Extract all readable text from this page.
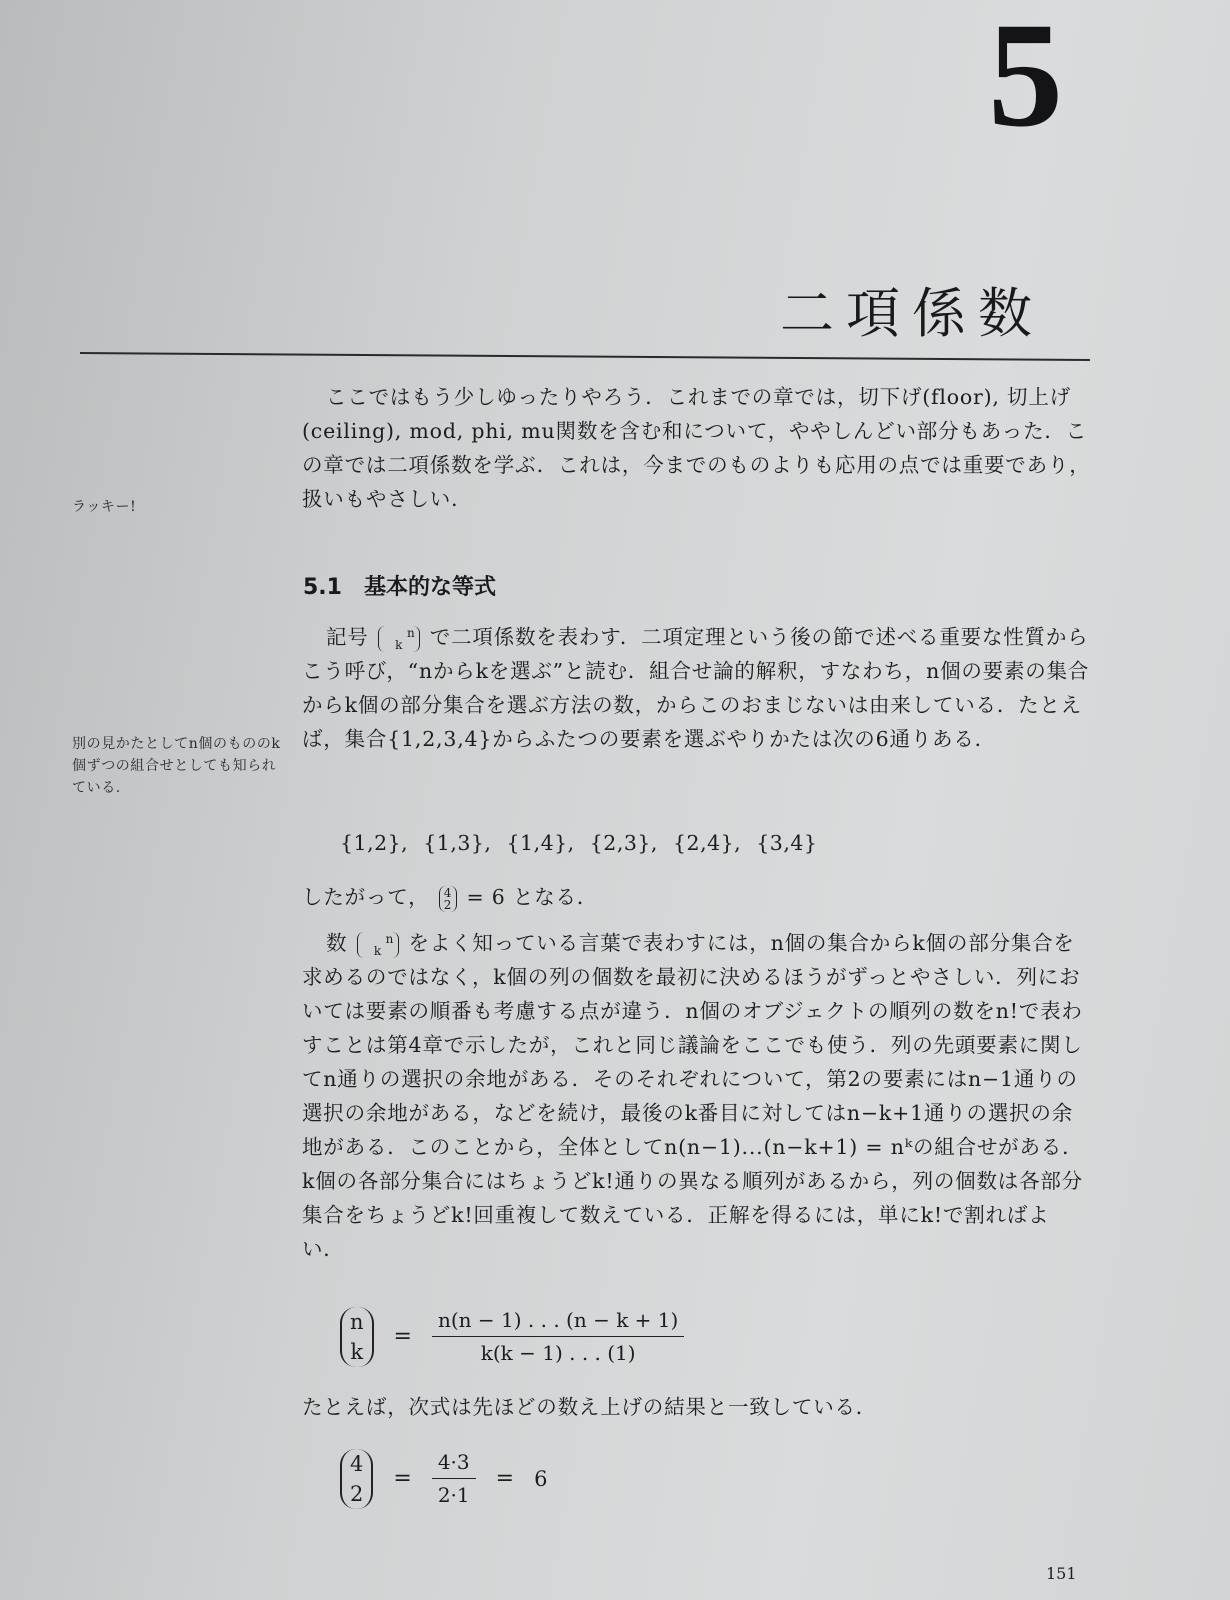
5
二項係数
ここではもう少しゆったりやろう．これまでの章では，切下げ(floor), 切上げ(ceiling), mod, phi, mu関数を含む和について，ややしんどい部分もあった．この章では二項係数を学ぶ．これは，今までのものよりも応用の点では重要であり，扱いもやさしい．
ラッキー!
別の見かたとしてn個のもののk個ずつの組合せとしても知られている.
5.1 基本的な等式
記号	n
k で二項係数を表わす．二項定理という後の節で述べる重要な性質からこう呼び，“nからkを選ぶ”と読む．組合せ論的解釈，すなわち，n個の要素の集合からk個の部分集合を選ぶ方法の数，からこのおまじないは由来している．たとえば，集合{1,2,3,4}からふたつの要素を選ぶやりかたは次の6通りある．
{1,2}, {1,3}, {1,4}, {2,3}, {2,4}, {3,4}
したがって， 4
2 = 6 となる．
数	n
k をよく知っている言葉で表わすには，n個の集合からk個の部分集合を求めるのではなく，k個の列の個数を最初に決めるほうがずっとやさしい．列においては要素の順番も考慮する点が違う．n個のオブジェクトの順列の数をn!で表わすことは第4章で示したが，これと同じ議論をここでも使う．列の先頭要素に関してn通りの選択の余地がある．そのそれぞれについて，第2の要素にはn−1通りの選択の余地がある，などを続け，最後のk番目に対してはn−k+1通りの選択の余地がある．このことから，全体としてn(n−1)...(n−k+1) = nᵏの組合せがある．k個の各部分集合にはちょうどk!通りの異なる順列があるから，列の個数は各部分集合をちょうどk!回重複して数えている．正解を得るには，単にk!で割ればよい．
n
k
= $\frac{n(n - 1) . . . (n - k + 1)}{k(k - 1) . . . (1)}$
たとえば，次式は先ほどの数え上げの結果と一致している．
4
2
= $\frac{4\cdot 3}{2\cdot 1} = 6$
151
